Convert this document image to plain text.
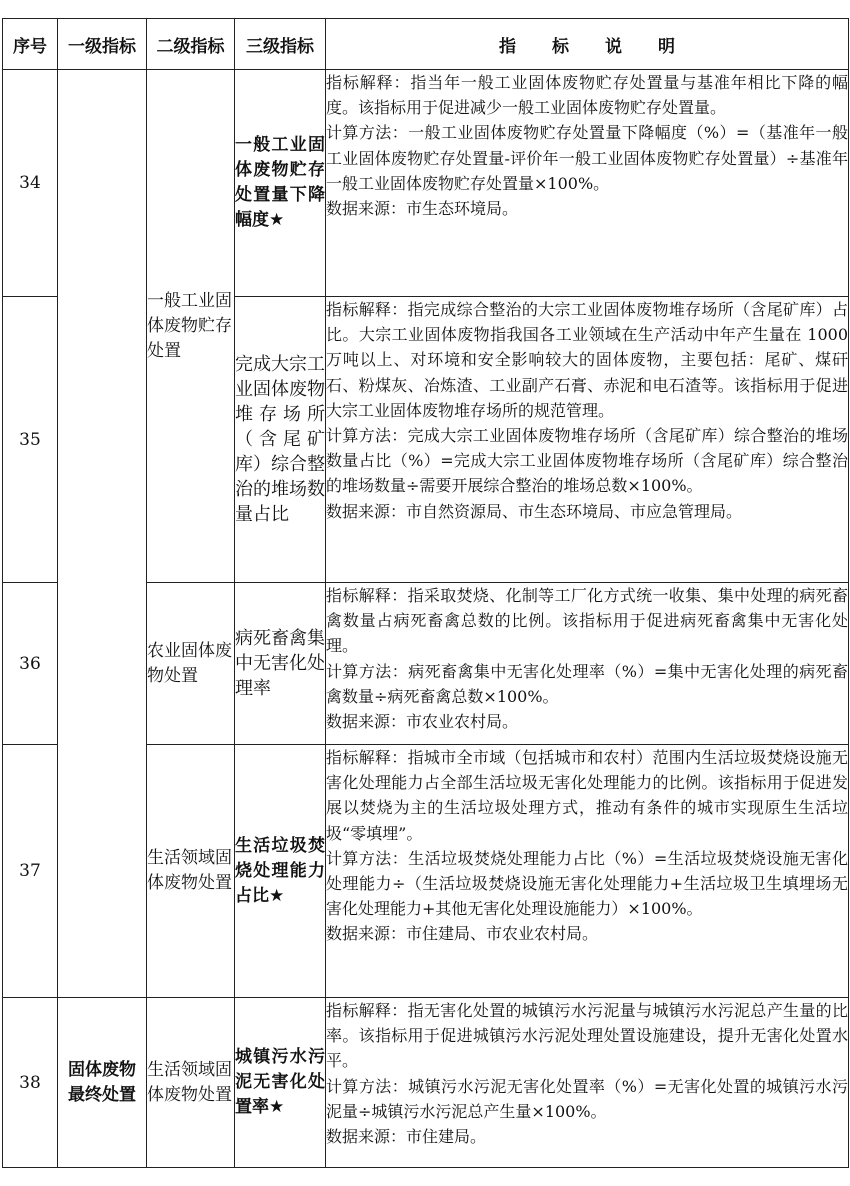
序号	一级指标	二级指标	三级指标	指标说明
34		一般工业固体废物贮存处置	一般工业固体废物贮存处置量下降幅度★	指标解释：指当年一般工业固体废物贮存处置量与基准年相比下降的幅度。该指标用于促进减少一般工业固体废物贮存处置量。

计算方法：一般工业固体废物贮存处置量下降幅度（%）=（基准年一般工业固体废物贮存处置量-评价年一般工业固体废物贮存处置量）÷基准年一般工业固体废物贮存处置量×100%。

数据来源：市生态环境局。

35			完成大宗工业固体废物堆存场所（含尾矿库）综合整治的堆场数量占比	指标解释：指完成综合整治的大宗工业固体废物堆存场所（含尾矿库）占比。大宗工业固体废物指我国各工业领域在生产活动中年产生量在 1000 万吨以上、对环境和安全影响较大的固体废物，主要包括：尾矿、煤矸石、粉煤灰、冶炼渣、工业副产石膏、赤泥和电石渣等。该指标用于促进大宗工业固体废物堆存场所的规范管理。

计算方法：完成大宗工业固体废物堆存场所（含尾矿库）综合整治的堆场数量占比（%）=完成大宗工业固体废物堆存场所（含尾矿库）综合整治的堆场数量÷需要开展综合整治的堆场总数×100%。

数据来源：市自然资源局、市生态环境局、市应急管理局。

36		农业固体废物处置	病死畜禽集中无害化处理率	指标解释：指采取焚烧、化制等工厂化方式统一收集、集中处理的病死畜禽数量占病死畜禽总数的比例。该指标用于促进病死畜禽集中无害化处理。

计算方法：病死畜禽集中无害化处理率（%）=集中无害化处理的病死畜禽数量÷病死畜禽总数×100%。

数据来源：市农业农村局。

37		生活领域固体废物处置	生活垃圾焚烧处理能力占比★	指标解释：指城市全市域（包括城市和农村）范围内生活垃圾焚烧设施无害化处理能力占全部生活垃圾无害化处理能力的比例。该指标用于促进发展以焚烧为主的生活垃圾处理方式，推动有条件的城市实现原生生活垃圾“零填埋”。

计算方法：生活垃圾焚烧处理能力占比（%）=生活垃圾焚烧设施无害化处理能力÷（生活垃圾焚烧设施无害化处理能力+生活垃圾卫生填埋场无害化处理能力+其他无害化处理设施能力）×100%。

数据来源：市住建局、市农业农村局。

38	固体废物最终处置	生活领域固体废物处置	城镇污水污泥无害化处置率★	指标解释：指无害化处置的城镇污水污泥量与城镇污水污泥总产生量的比率。该指标用于促进城镇污水污泥处理处置设施建设，提升无害化处置水平。

计算方法：城镇污水污泥无害化处置率（%）=无害化处置的城镇污水污泥量÷城镇污水污泥总产生量×100%。

数据来源：市住建局。
